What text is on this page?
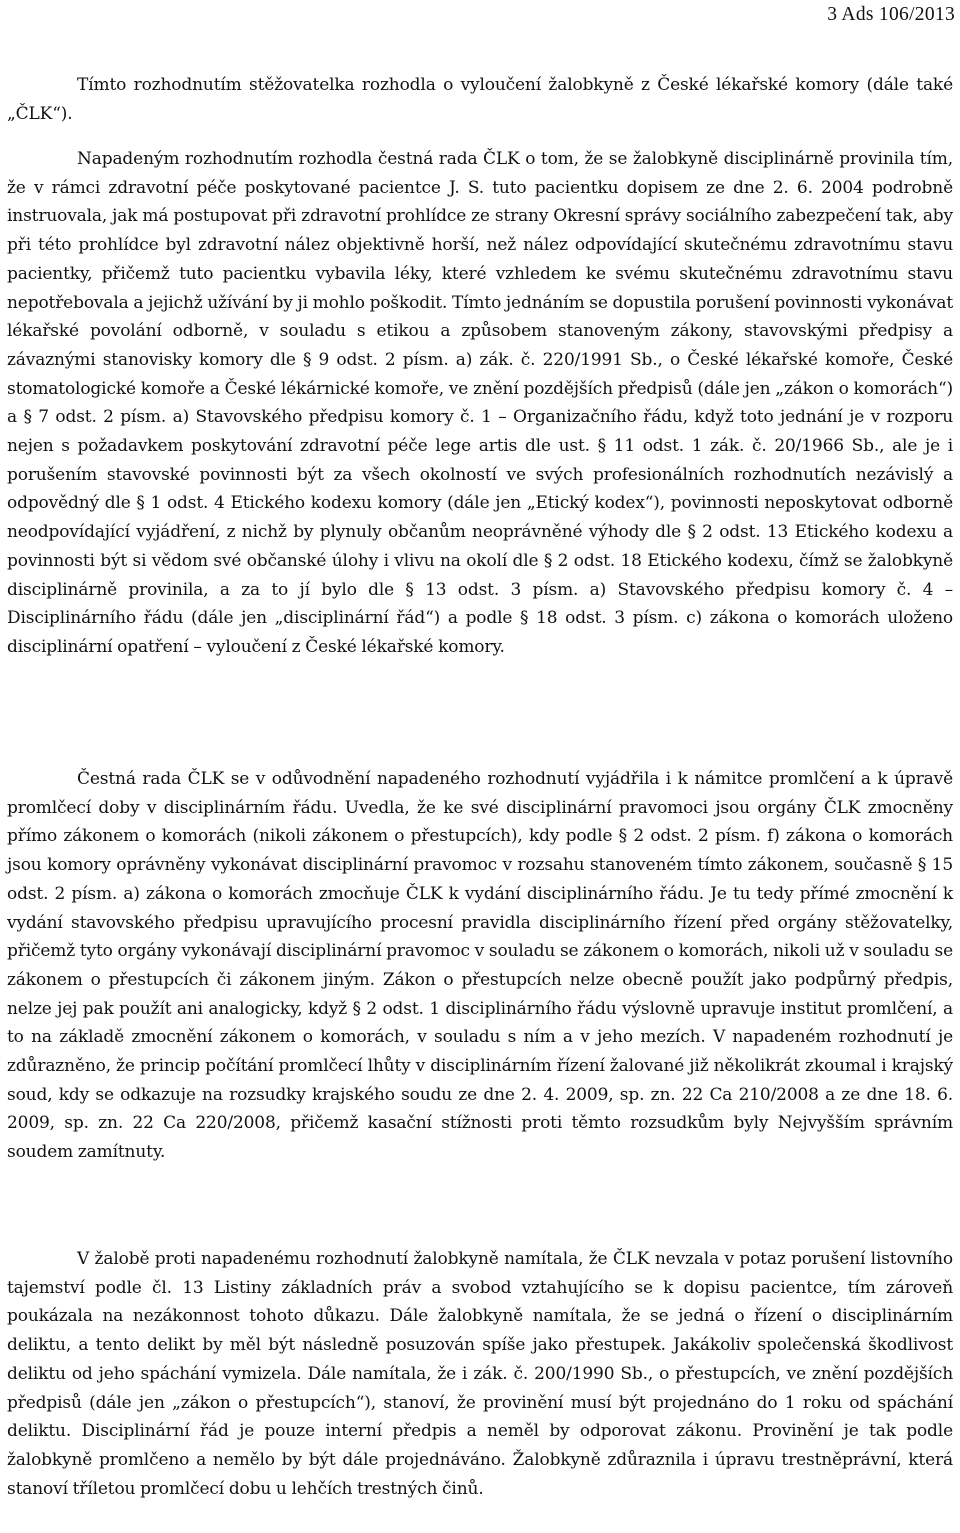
3 Ads 106/2013

Tímto rozhodnutím stěžovatelka rozhodla o vyloučení žalobkyně z České lékařské komory (dále také „ČLK“).

Napadeným rozhodnutím rozhodla čestná rada ČLK o tom, že se žalobkyně disciplinárně provinila tím, že v rámci zdravotní péče poskytované pacientce J. S. tuto pacientku dopisem ze dne 2. 6. 2004 podrobně instruovala, jak má postupovat při zdravotní prohlídce ze strany Okresní správy sociálního zabezpečení tak, aby při této prohlídce byl zdravotní nález objektivně horší, než nález odpovídající skutečnému zdravotnímu stavu pacientky, přičemž tuto pacientku vybavila léky, které vzhledem ke svému skutečnému zdravotnímu stavu nepotřebovala a jejichž užívání by ji mohlo poškodit. Tímto jednáním se dopustila porušení povinnosti vykonávat lékařské povolání odborně, v souladu s etikou a způsobem stanoveným zákony, stavovskými předpisy a závaznými stanovisky komory dle § 9 odst. 2 písm. a) zák. č. 220/1991 Sb., o České lékařské komoře, České stomatologické komoře a České lékárnické komoře, ve znění pozdějších předpisů (dále jen „zákon o komorách“) a § 7 odst. 2 písm. a) Stavovského předpisu komory č. 1 – Organizačního řádu, když toto jednání je v rozporu nejen s požadavkem poskytování zdravotní péče lege artis dle ust. § 11 odst. 1 zák. č. 20/1966 Sb., ale je i porušením stavovské povinnosti být za všech okolností ve svých profesionálních rozhodnutích nezávislý a odpovědný dle § 1 odst. 4 Etického kodexu komory (dále jen „Etický kodex“), povinnosti neposkytovat odborně neodpovídající vyjádření, z nichž by plynuly občanům neoprávněné výhody dle § 2 odst. 13 Etického kodexu a povinnosti být si vědom své občanské úlohy i vlivu na okolí dle § 2 odst. 18 Etického kodexu, čímž se žalobkyně disciplinárně provinila, a za to jí bylo dle § 13 odst. 3 písm. a) Stavovského předpisu komory č. 4 – Disciplinárního řádu (dále jen „disciplinární řád“) a podle § 18 odst. 3 písm. c) zákona o komorách uloženo disciplinární opatření – vyloučení z České lékařské komory.

Čestná rada ČLK se v odůvodnění napadeného rozhodnutí vyjádřila i k námitce promlčení a k úpravě promlčecí doby v disciplinárním řádu. Uvedla, že ke své disciplinární pravomoci jsou orgány ČLK zmocněny přímo zákonem o komorách (nikoli zákonem o přestupcích), kdy podle § 2 odst. 2 písm. f) zákona o komorách jsou komory oprávněny vykonávat disciplinární pravomoc v rozsahu stanoveném tímto zákonem, současně § 15 odst. 2 písm. a) zákona o komorách zmocňuje ČLK k vydání disciplinárního řádu. Je tu tedy přímé zmocnění k vydání stavovského předpisu upravujícího procesní pravidla disciplinárního řízení před orgány stěžovatelky, přičemž tyto orgány vykonávají disciplinární pravomoc v souladu se zákonem o komorách, nikoli už v souladu se zákonem o přestupcích či zákonem jiným. Zákon o přestupcích nelze obecně použít jako podpůrný předpis, nelze jej pak použít ani analogicky, když § 2 odst. 1 disciplinárního řádu výslovně upravuje institut promlčení, a to na základě zmocnění zákonem o komorách, v souladu s ním a v jeho mezích. V napadeném rozhodnutí je zdůrazněno, že princip počítání promlčecí lhůty v disciplinárním řízení žalované již několikrát zkoumal i krajský soud, kdy se odkazuje na rozsudky krajského soudu ze dne 2. 4. 2009, sp. zn. 22 Ca 210/2008 a ze dne 18. 6. 2009, sp. zn. 22 Ca 220/2008, přičemž kasační stížnosti proti těmto rozsudkům byly Nejvyšším správním soudem zamítnuty.

V žalobě proti napadenému rozhodnutí žalobkyně namítala, že ČLK nevzala v potaz porušení listovního tajemství podle čl. 13 Listiny základních práv a svobod vztahujícího se k dopisu pacientce, tím zároveň poukázala na nezákonnost tohoto důkazu. Dále žalobkyně namítala, že se jedná o řízení o disciplinárním deliktu, a tento delikt by měl být následně posuzován spíše jako přestupek. Jakákoliv společenská škodlivost deliktu od jeho spáchání vymizela. Dále namítala, že i zák. č. 200/1990 Sb., o přestupcích, ve znění pozdějších předpisů (dále jen „zákon o přestupcích“), stanoví, že provinění musí být projednáno do 1 roku od spáchání deliktu. Disciplinární řád je pouze interní předpis a neměl by odporovat zákonu. Provinění je tak podle žalobkyně promlčeno a nemělo by být dále projednáváno. Žalobkyně zdůraznila i úpravu trestněprávní, která stanoví tříletou promlčecí dobu u lehčích trestných činů.
